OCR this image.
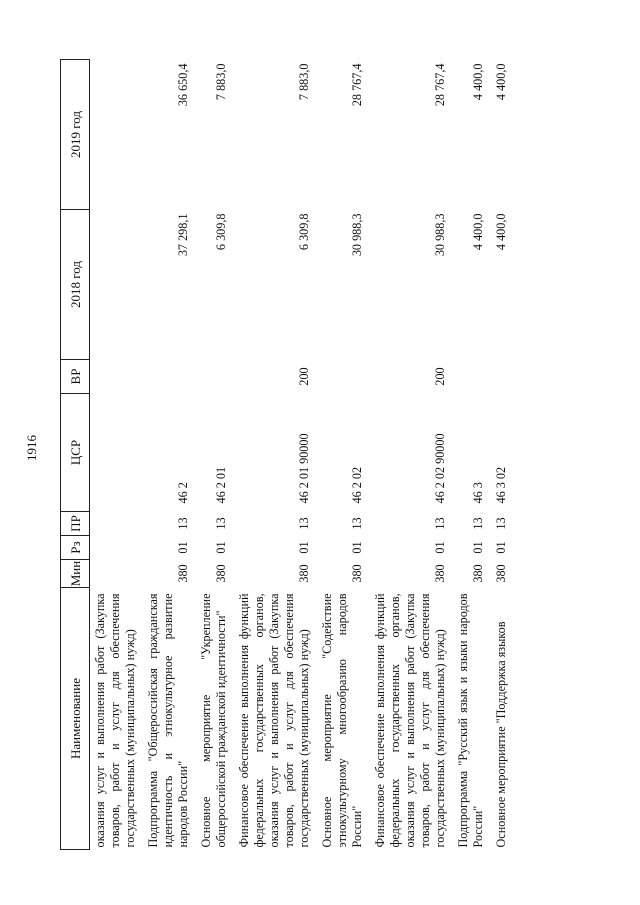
1916
Наименование	Мин	Рз	ПР	ЦСР	ВР	2018 год	2019 год
оказания услуг и выполнения работ (Закупка товаров, работ и услуг для обеспечения государственных (муниципальных) нужд)							
Подпрограмма "Общероссийская гражданская идентичность и этнокультурное развитие народов России"	380	01	13	46 2		37 298,1	36 650,4
Основное мероприятие "Укрепление общероссийской гражданской идентичности"	380	01	13	46 2 01		6 309,8	7 883,0
Финансовое обеспечение выполнения функций федеральных государственных органов, оказания услуг и выполнения работ (Закупка товаров, работ и услуг для обеспечения государственных (муниципальных) нужд)	380	01	13	46 2 01 90000	200	6 309,8	7 883,0
Основное мероприятие "Содействие этнокультурному многообразию народов России"	380	01	13	46 2 02		30 988,3	28 767,4
Финансовое обеспечение выполнения функций федеральных государственных органов, оказания услуг и выполнения работ (Закупка товаров, работ и услуг для обеспечения государственных (муниципальных) нужд)	380	01	13	46 2 02 90000	200	30 988,3	28 767,4
Подпрограмма "Русский язык и языки народов России"	380	01	13	46 3		4 400,0	4 400,0
Основное мероприятие "Поддержка языков	380	01	13	46 3 02		4 400,0	4 400,0
